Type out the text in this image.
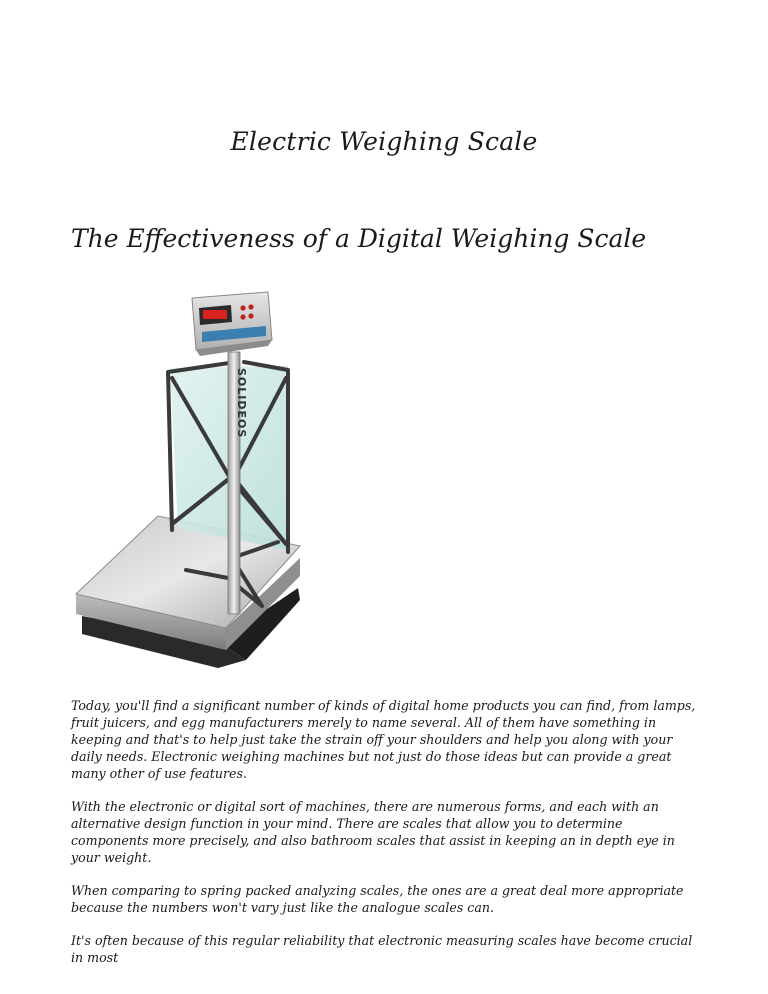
Electric Weighing Scale
The Effectiveness of a Digital Weighing Scale
SOLIDEOS

Today, you'll find a significant number of kinds of digital home products you can find, from lamps, fruit juicers, and egg manufacturers merely to name several. All of them have something in keeping and that's to help just take the strain off your shoulders and help you along with your daily needs. Electronic weighing machines but not just do those ideas but can provide a great many other of use features.

With the electronic or digital sort of machines, there are numerous forms, and each with an alternative design function in your mind. There are scales that allow you to determine components more precisely, and also bathroom scales that assist in keeping an in depth eye in your weight.

When comparing to spring packed analyzing scales, the ones are a great deal more appropriate because the numbers won't vary just like the analogue scales can.

It's often because of this regular reliability that electronic measuring scales have become crucial in most
